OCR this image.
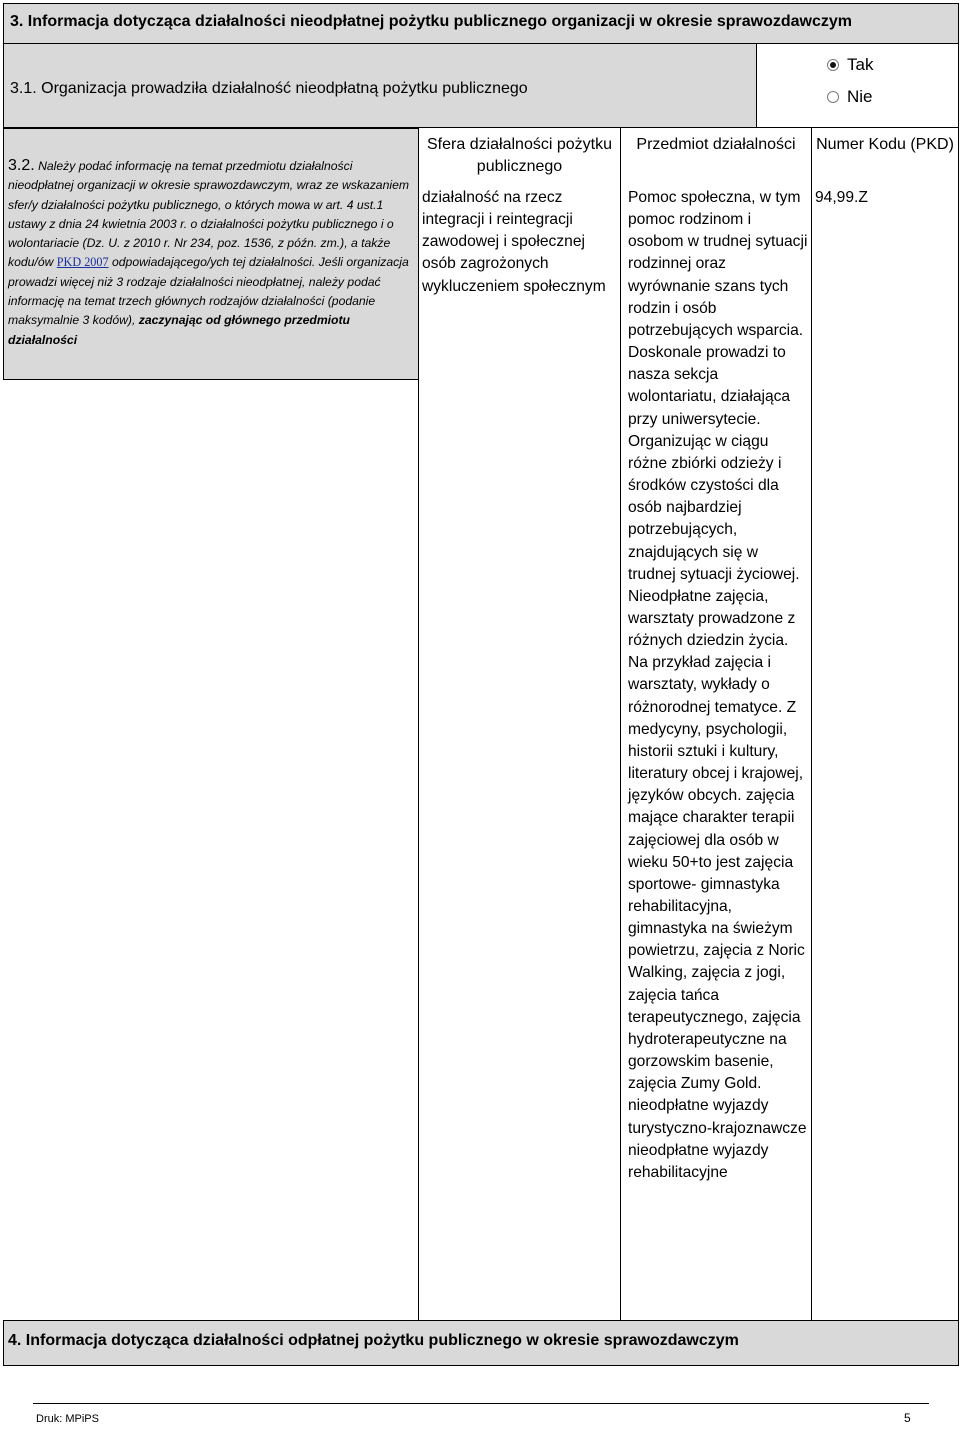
3. Informacja dotycząca działalności nieodpłatnej pożytku publicznego organizacji w okresie sprawozdawczym
3.1. Organizacja prowadziła działalność nieodpłatną pożytku publicznego
Tak
Nie
3.2. Należy podać informację na temat przedmiotu działalności nieodpłatnej organizacji w okresie sprawozdawczym, wraz ze wskazaniem sfer/y działalności pożytku publicznego, o których mowa w art. 4 ust.1 ustawy z dnia 24 kwietnia 2003 r. o działalności pożytku publicznego i o wolontariacie (Dz. U. z 2010 r. Nr 234, poz. 1536, z późn. zm.), a także kodu/ów PKD 2007 odpowiadającego/ych tej działalności. Jeśli organizacja prowadzi więcej niż 3 rodzaje działalności nieodpłatnej, należy podać informację na temat trzech głównych rodzajów działalności (podanie maksymalnie 3 kodów), zaczynając od głównego przedmiotu działalności
Sfera działalności pożytku publicznego
Przedmiot działalności	Numer Kodu (PKD)
działalność na rzecz integracji i reintegracji zawodowej i społecznej osób zagrożonych wykluczeniem społecznym
Pomoc społeczna, w tym pomoc rodzinom i osobom w trudnej sytuacji rodzinnej oraz wyrównanie szans tych rodzin i osób potrzebujących wsparcia. Doskonale prowadzi to nasza sekcja wolontariatu, działająca przy uniwersytecie. Organizując w ciągu różne zbiórki odzieży i środków czystości dla osób najbardziej potrzebujących, znajdujących się w trudnej sytuacji życiowej. Nieodpłatne zajęcia, warsztaty prowadzone z różnych dziedzin życia. Na przykład zajęcia i warsztaty, wykłady o różnorodnej tematyce. Z medycyny, psychologii, historii sztuki i kultury, literatury obcej i krajowej, języków obcych. zajęcia mające charakter terapii zajęciowej dla osób w wieku 50+to jest zajęcia sportowe- gimnastyka rehabilitacyjna, gimnastyka na świeżym powietrzu, zajęcia z Noric Walking, zajęcia z jogi, zajęcia tańca terapeutycznego, zajęcia hydroterapeutyczne na gorzowskim basenie, zajęcia Zumy Gold. nieodpłatne wyjazdy turystyczno-krajoznawcze nieodpłatne wyjazdy rehabilitacyjne
94,99.Z
4. Informacja dotycząca działalności odpłatnej pożytku publicznego w okresie sprawozdawczym
Druk: MPiPS	5
